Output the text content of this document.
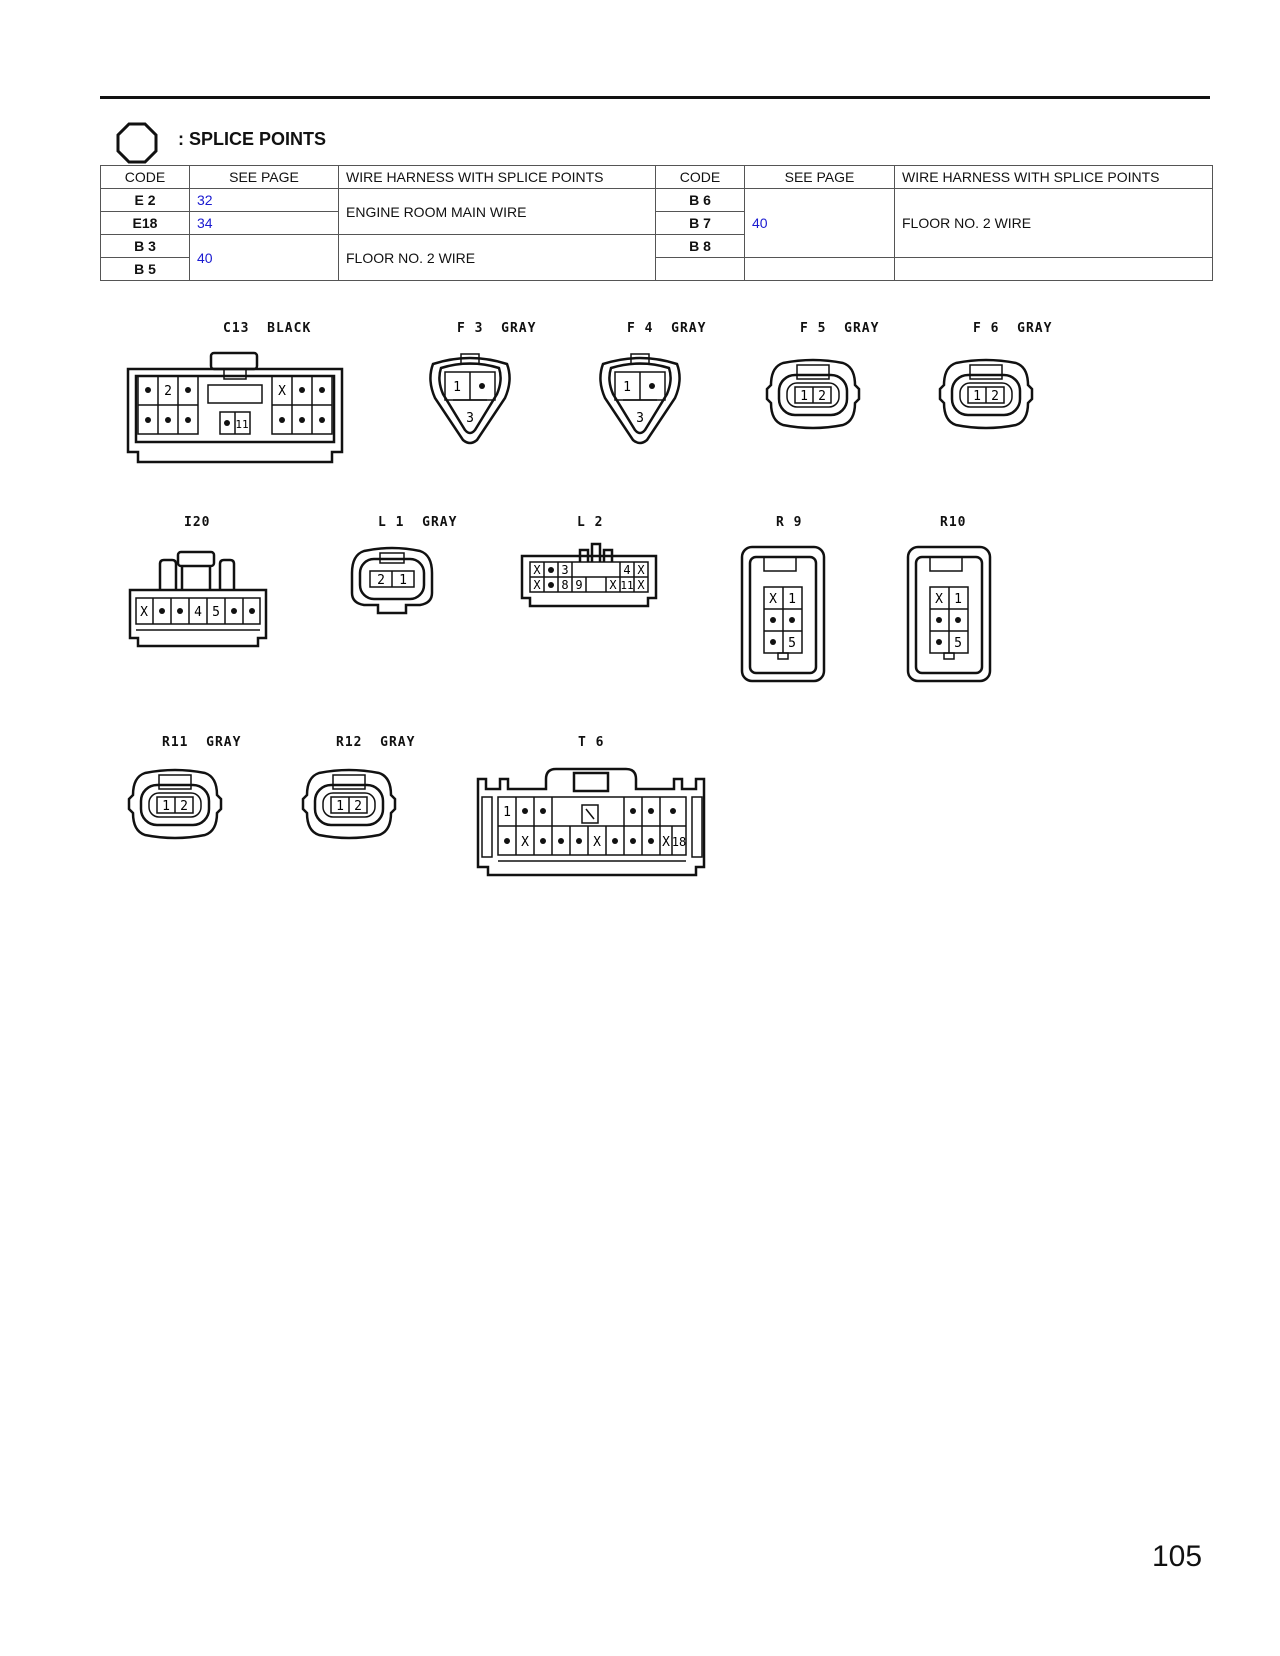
: SPLICE POINTS
CODE	SEE PAGE	WIRE HARNESS WITH SPLICE POINTS	CODE	SEE PAGE	WIRE HARNESS WITH SPLICE POINTS
E 2	32	ENGINE ROOM MAIN WIRE	B 6	40	FLOOR NO. 2 WIRE
E18	34		B 7		
B 3	40	FLOOR NO. 2 WIRE	B 8		
B 5					
C13  BLACK
2	X
11
F 3  GRAY
1
3
F 4  GRAY
1
3
F 5  GRAY
1 2
F 6  GRAY
1 2
I20
X	4 5
L 1  GRAY
2 1
L 2
X 3	4 X
X 8 9 X 11 X
R 9
X 1
5
R10
X 1
5
R11  GRAY
1 2
R12  GRAY
1 2
T 6
1
X	X	X 18
105
